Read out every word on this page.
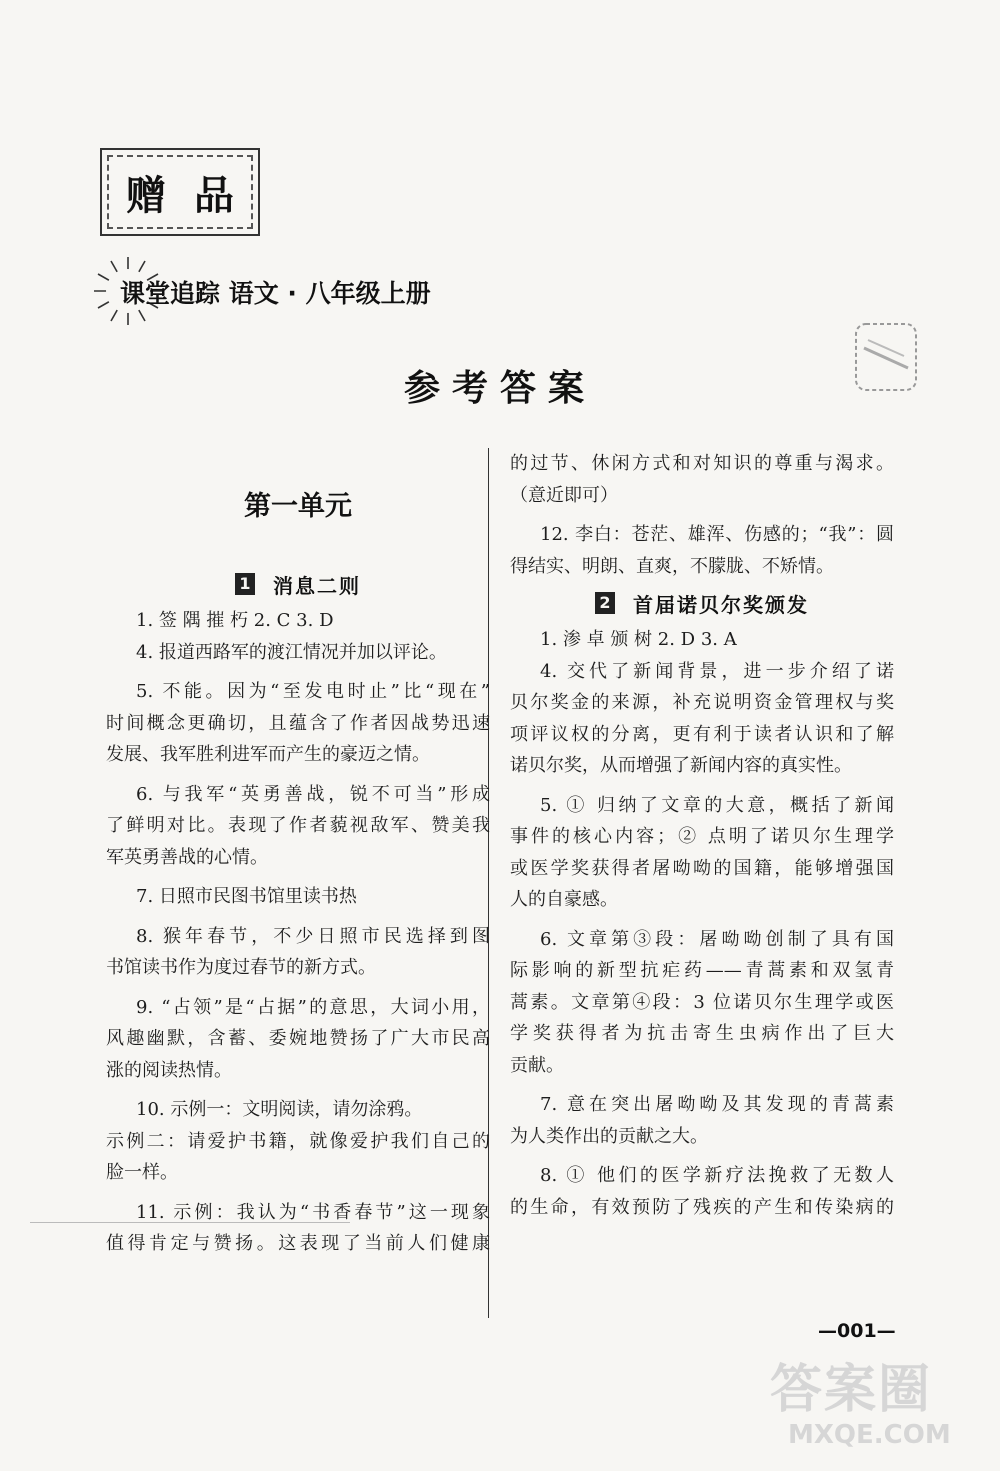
赠品
课堂追踪 语文 · 八年级上册
参考答案
第一单元
1 消息二则

1. 签 隅 摧 朽 2. C 3. D

4. 报道西路军的渡江情况并加以评论。

5. 不能。因为“至发电时止”比“现在”

时间概念更确切，且蕴含了作者因战势迅速

发展、我军胜利进军而产生的豪迈之情。

6. 与我军“英勇善战，锐不可当”形成

了鲜明对比。表现了作者藐视敌军、赞美我

军英勇善战的心情。

7. 日照市民图书馆里读书热

8. 猴年春节，不少日照市民选择到图

书馆读书作为度过春节的新方式。

9. “占领”是“占据”的意思，大词小用，

风趣幽默，含蓄、委婉地赞扬了广大市民高

涨的阅读热情。

10. 示例一：文明阅读，请勿涂鸦。

示例二：请爱护书籍，就像爱护我们自己的

脸一样。

11. 示例：我认为“书香春节”这一现象

值得肯定与赞扬。这表现了当前人们健康

的过节、休闲方式和对知识的尊重与渴求。

（意近即可）

12. 李白：苍茫、雄浑、伤感的；“我”：圆

得结实、明朗、直爽，不朦胧、不矫情。

2 首届诺贝尔奖颁发

1. 渗 卓 颁 树 2. D 3. A

4. 交代了新闻背景，进一步介绍了诺

贝尔奖金的来源，补充说明资金管理权与奖

项评议权的分离，更有利于读者认识和了解

诺贝尔奖，从而增强了新闻内容的真实性。

5. ① 归纳了文章的大意，概括了新闻

事件的核心内容；② 点明了诺贝尔生理学

或医学奖获得者屠呦呦的国籍，能够增强国

人的自豪感。

6. 文章第③段：屠呦呦创制了具有国

际影响的新型抗疟药——青蒿素和双氢青

蒿素。文章第④段：3 位诺贝尔生理学或医

学奖获得者为抗击寄生虫病作出了巨大

贡献。

7. 意在突出屠呦呦及其发现的青蒿素

为人类作出的贡献之大。

8. ① 他们的医学新疗法挽救了无数人

的生命，有效预防了残疾的产生和传染病的

—001—
答案圈
MXQE.COM
